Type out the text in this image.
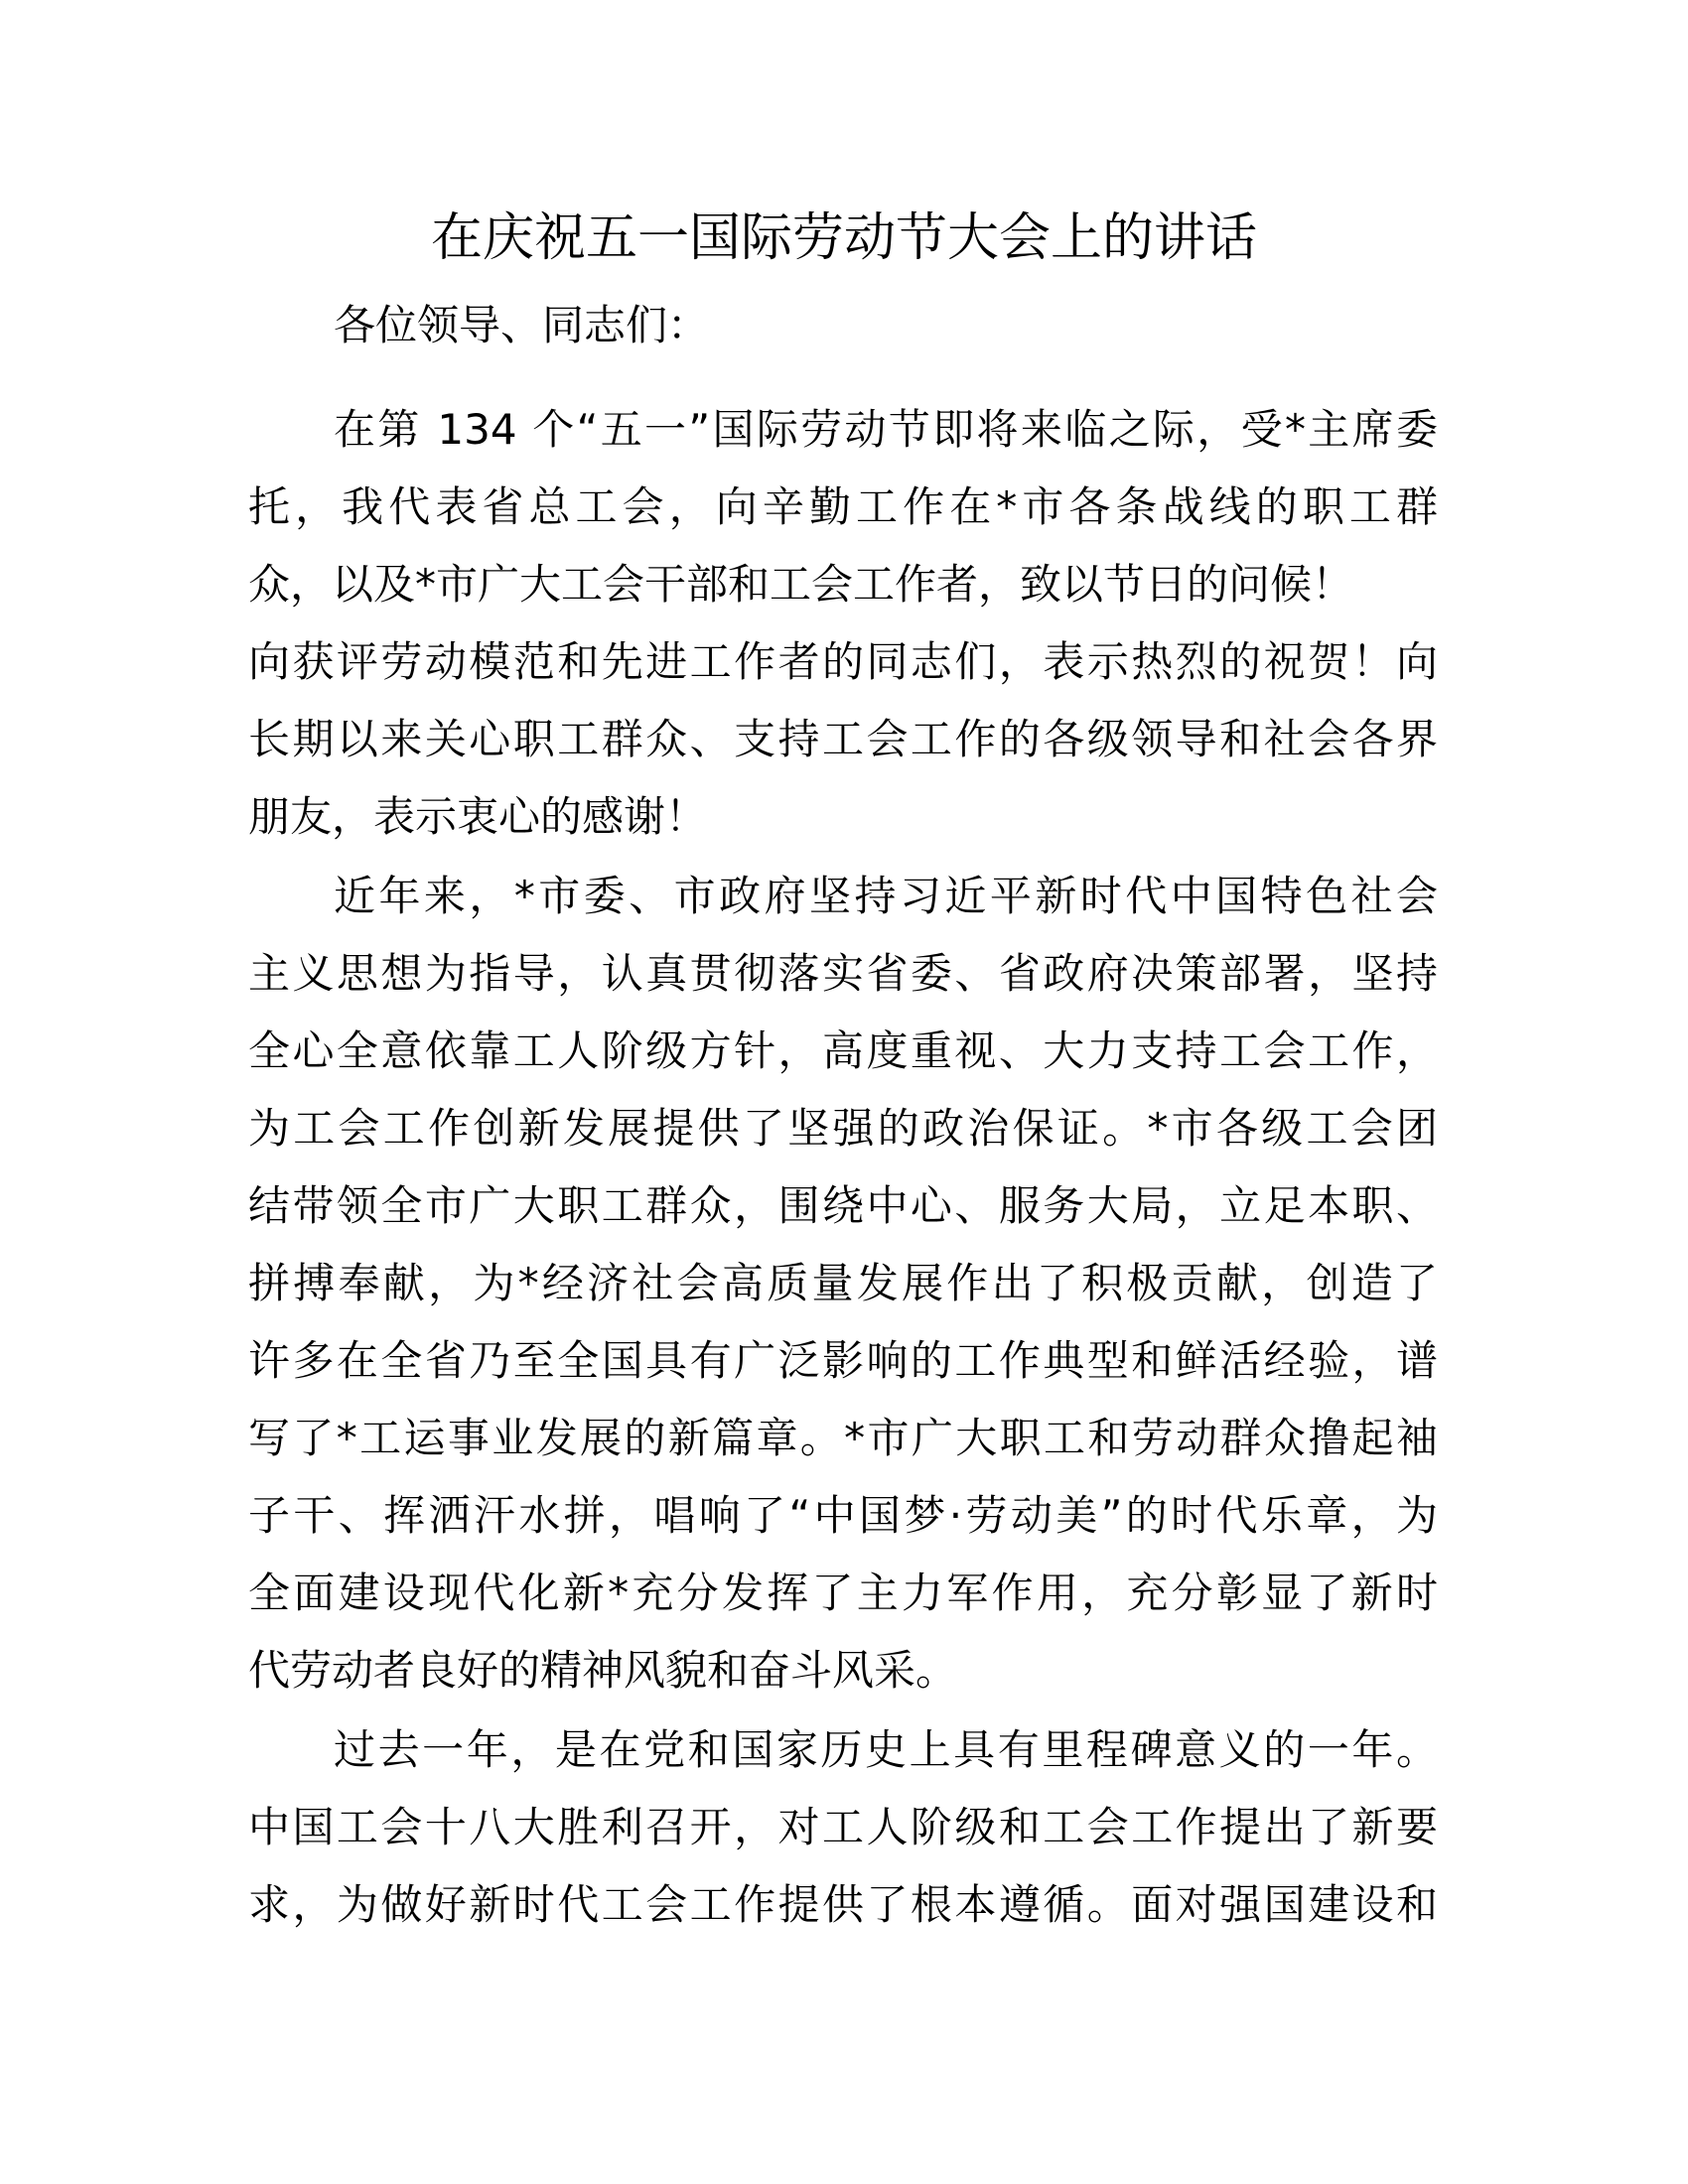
在庆祝五一国际劳动节大会上的讲话
各位领导、同志们：
在第 134 个“五一”国际劳动节即将来临之际，受*主席委
托，我代表省总工会，向辛勤工作在*市各条战线的职工群
众，以及*市广大工会干部和工会工作者，致以节日的问候！
向获评劳动模范和先进工作者的同志们，表示热烈的祝贺！向
长期以来关心职工群众、支持工会工作的各级领导和社会各界
朋友，表示衷心的感谢！
近年来，*市委、市政府坚持习近平新时代中国特色社会
主义思想为指导，认真贯彻落实省委、省政府决策部署，坚持
全心全意依靠工人阶级方针，高度重视、大力支持工会工作，
为工会工作创新发展提供了坚强的政治保证。*市各级工会团
结带领全市广大职工群众，围绕中心、服务大局，立足本职、
拼搏奉献，为*经济社会高质量发展作出了积极贡献，创造了
许多在全省乃至全国具有广泛影响的工作典型和鲜活经验，谱
写了*工运事业发展的新篇章。*市广大职工和劳动群众撸起袖
子干、挥洒汗水拼，唱响了“中国梦·劳动美”的时代乐章，为
全面建设现代化新*充分发挥了主力军作用，充分彰显了新时
代劳动者良好的精神风貌和奋斗风采。
过去一年，是在党和国家历史上具有里程碑意义的一年。
中国工会十八大胜利召开，对工人阶级和工会工作提出了新要
求，为做好新时代工会工作提供了根本遵循。面对强国建设和
